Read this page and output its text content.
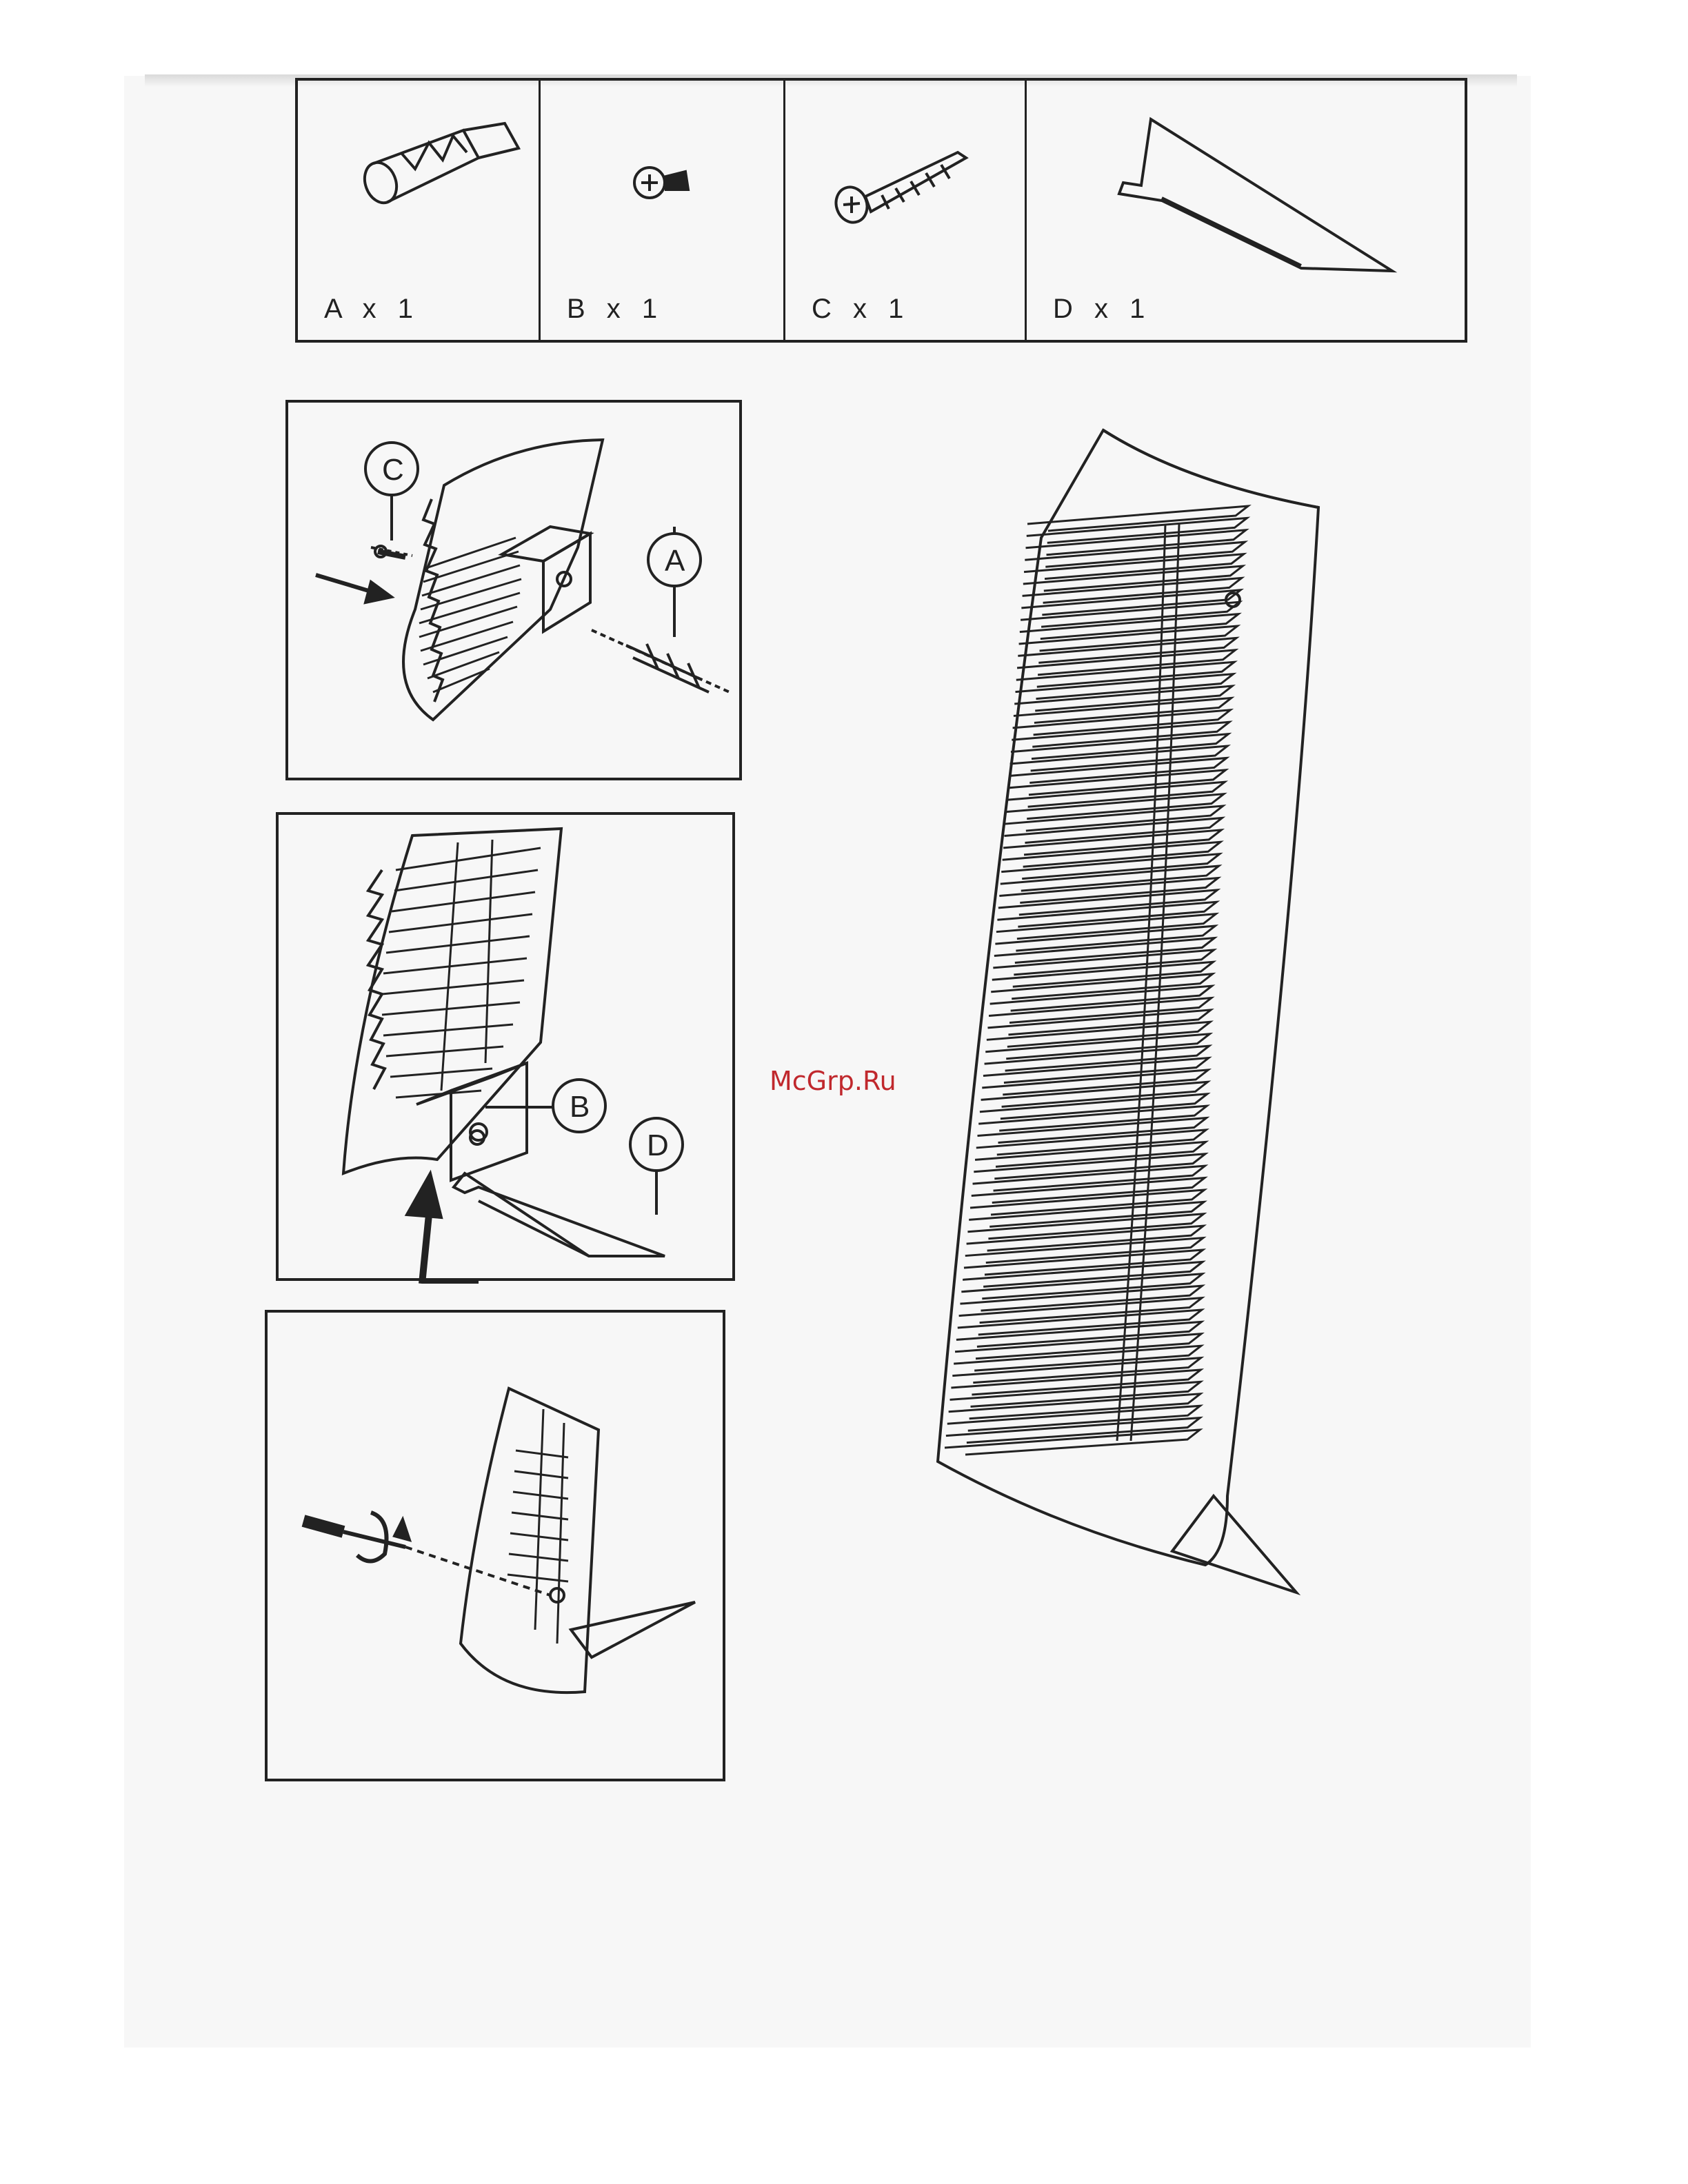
A x 1	B x 1	C x 1	D x 1
C
A
B
D
McGrp.Ru
